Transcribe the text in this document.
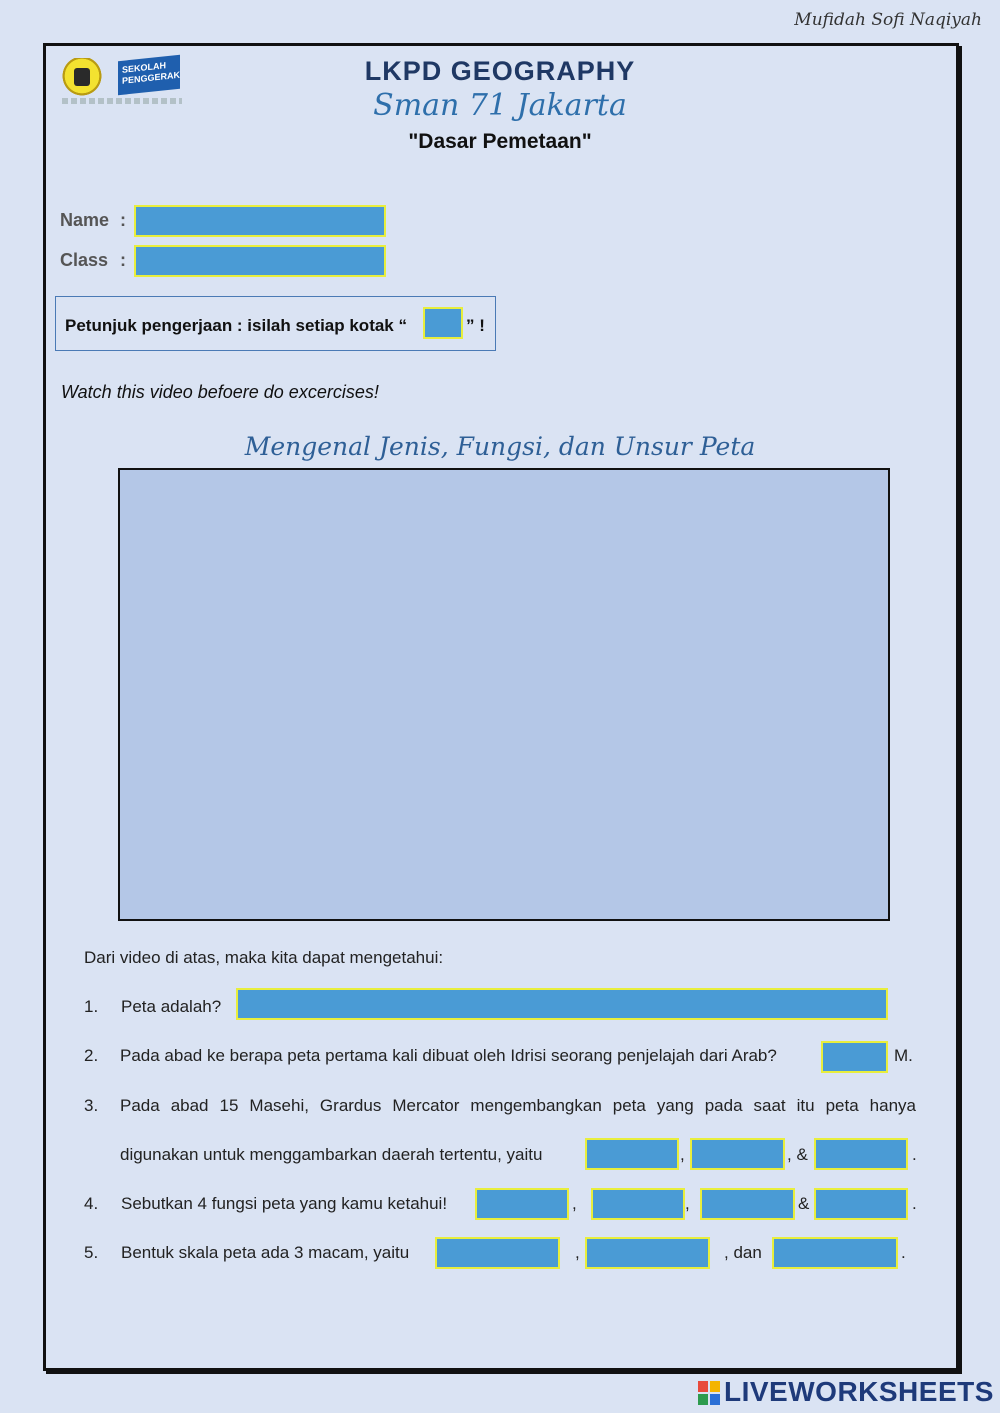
Mufidah Sofi Naqiyah
SEKOLAH PENGGERAK	LKPD GEOGRAPHY
Sman 71 Jakarta
"Dasar Pemetaan"
Name :
Class :
Petunjuk pengerjaan : isilah setiap kotak “	” !
Watch this video befoere do excercises!
Mengenal Jenis, Fungsi, dan Unsur Peta
Dari video di atas, maka kita dapat mengetahui:
1. Peta adalah?
2. Pada abad ke berapa peta pertama kali dibuat oleh Idrisi seorang penjelajah dari Arab?	M.
3. Pada abad 15 Masehi, Grardus Mercator mengembangkan peta yang pada saat itu peta hanya
digunakan untuk menggambarkan daerah tertentu, yaitu	,	, &	.
4. Sebutkan 4 fungsi peta yang kamu ketahui!	,	,	&	.
5. Bentuk skala peta ada 3 macam, yaitu	,	, dan	.
LIVEWORKSHEETS
